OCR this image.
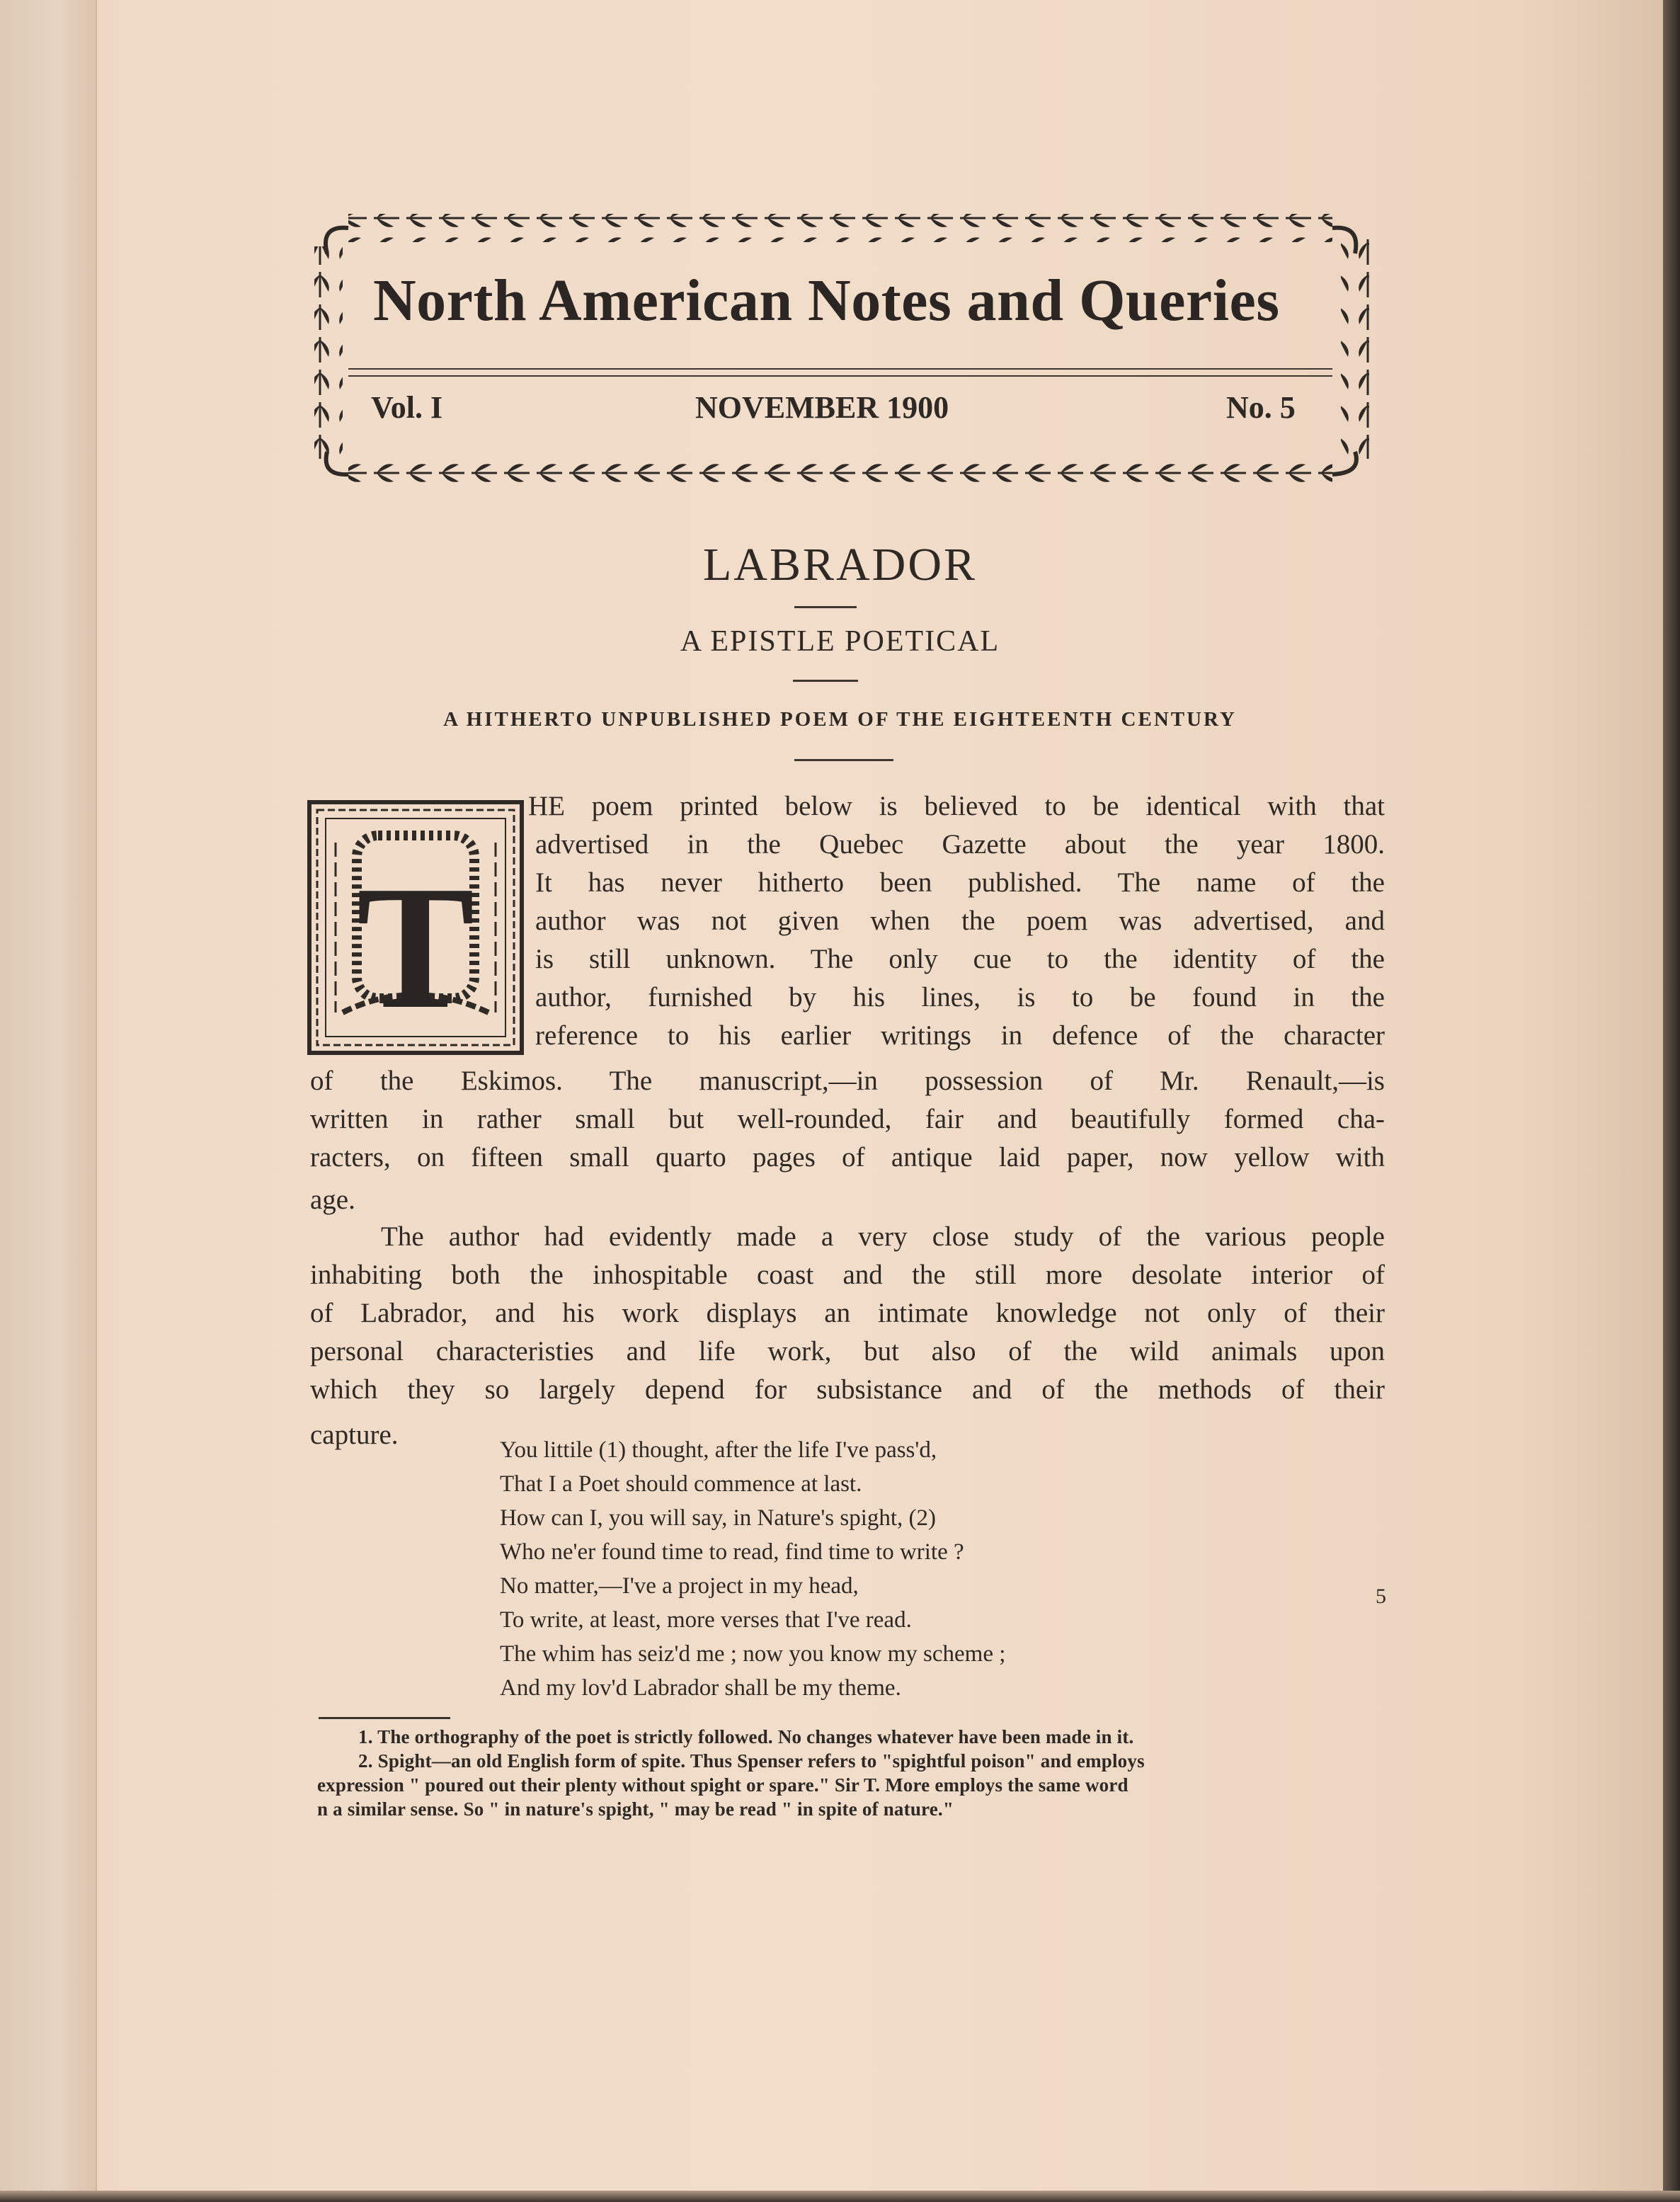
North American Notes and Queries
Vol. I	NOVEMBER 1900	No. 5
LABRADOR
A EPISTLE POETICAL
A HITHERTO UNPUBLISHED POEM OF THE EIGHTEENTH CENTURY
T
HE poem printed below is believed to be identical with that
advertised in the Quebec Gazette about the year 1800.
It has never hitherto been published. The name of the
author was not given when the poem was advertised, and
is still unknown. The only cue to the identity of the
author, furnished by his lines, is to be found in the
reference to his earlier writings in defence of the character
of the Eskimos. The manuscript,—in possession of Mr. Renault,—is
written in rather small but well-rounded, fair and beautifully formed cha-
racters, on fifteen small quarto pages of antique laid paper, now yellow with
age.
The author had evidently made a very close study of the various people
inhabiting both the inhospitable coast and the still more desolate interior of
of Labrador, and his work displays an intimate knowledge not only of their
personal characteristies and life work, but also of the wild animals upon
which they so largely depend for subsistance and of the methods of their
capture.	You littile (1) thought, after the life I've pass'd,
That I a Poet should commence at last.
How can I, you will say, in Nature's spight, (2)
Who ne'er found time to read, find time to write ?
No matter,—I've a project in my head,
To write, at least, more verses that I've read.
The whim has seiz'd me ; now you know my scheme ;
And my lov'd Labrador shall be my theme.
5
1. The orthography of the poet is strictly followed. No changes whatever have been made in it.
2. Spight—an old English form of spite. Thus Spenser refers to "spightful poison" and employs
expression " poured out their plenty without spight or spare." Sir T. More employs the same word
n a similar sense. So " in nature's spight, " may be read " in spite of nature."
